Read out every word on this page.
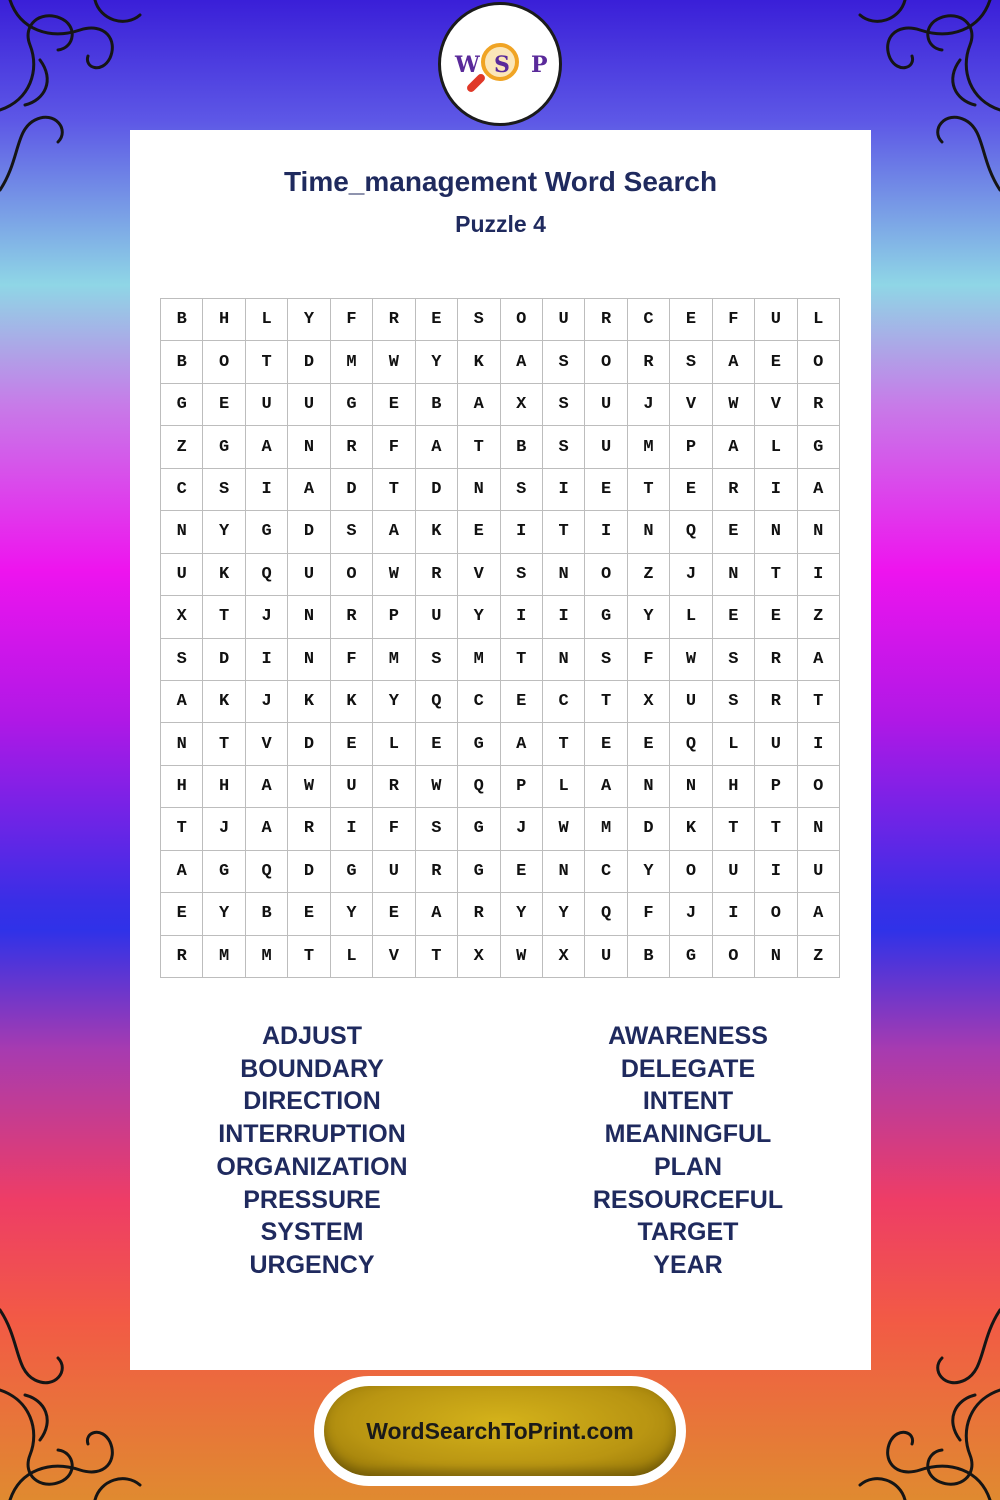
W S P
Time_management Word Search
Puzzle 4
B	H	L	Y	F	R	E	S	O	U	R	C	E	F	U	L
B	O	T	D	M	W	Y	K	A	S	O	R	S	A	E	O
G	E	U	U	G	E	B	A	X	S	U	J	V	W	V	R
Z	G	A	N	R	F	A	T	B	S	U	M	P	A	L	G
C	S	I	A	D	T	D	N	S	I	E	T	E	R	I	A
N	Y	G	D	S	A	K	E	I	T	I	N	Q	E	N	N
U	K	Q	U	O	W	R	V	S	N	O	Z	J	N	T	I
X	T	J	N	R	P	U	Y	I	I	G	Y	L	E	E	Z
S	D	I	N	F	M	S	M	T	N	S	F	W	S	R	A
A	K	J	K	K	Y	Q	C	E	C	T	X	U	S	R	T
N	T	V	D	E	L	E	G	A	T	E	E	Q	L	U	I
H	H	A	W	U	R	W	Q	P	L	A	N	N	H	P	O
T	J	A	R	I	F	S	G	J	W	M	D	K	T	T	N
A	G	Q	D	G	U	R	G	E	N	C	Y	O	U	I	U
E	Y	B	E	Y	E	A	R	Y	Y	Q	F	J	I	O	A
R	M	M	T	L	V	T	X	W	X	U	B	G	O	N	Z
ADJUST
BOUNDARY
DIRECTION
INTERRUPTION
ORGANIZATION
PRESSURE
SYSTEM
URGENCY
AWARENESS
DELEGATE
INTENT
MEANINGFUL
PLAN
RESOURCEFUL
TARGET
YEAR
WordSearchToPrint.com
